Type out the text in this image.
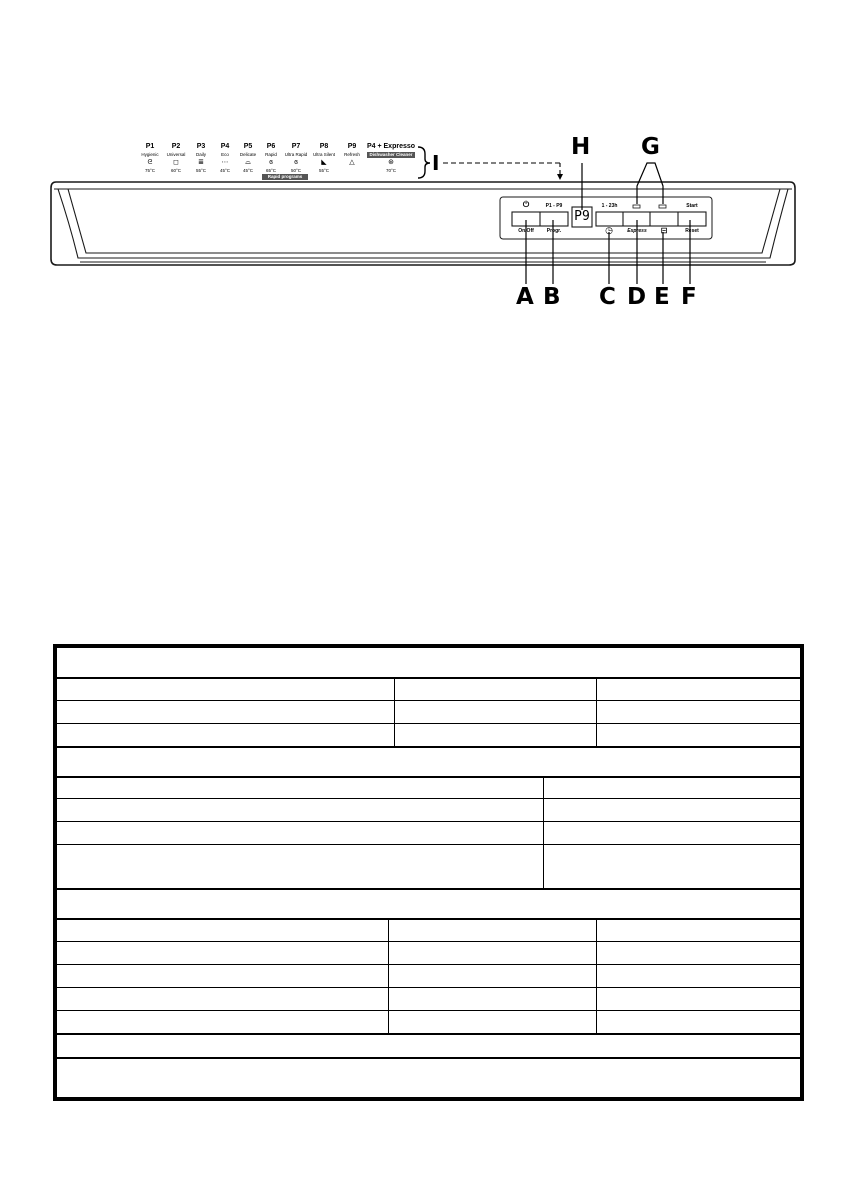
P1
Hygienic
ᘓ
75°C
P2
Universal
◻
60°C
P3
Daily
≣
55°C
P4
Eco
⋯
45°C
P5
Delicate
⌓
45°C
P6
Rapid
ɞ
65°C
P7
Ultra Rapid
ɞ
50°C
P8
Ultra Silent
◣
55°C
P9
Refresh
△
P4 + Expresso
⊛
70°C
Rapid programs
Dishwasher Cleaner I
⏻	P1 - P9	1 - 23h	Start
P9
On/Off	Progr.	◷	Express	⊟	Reset
A B C D E F
G
H
